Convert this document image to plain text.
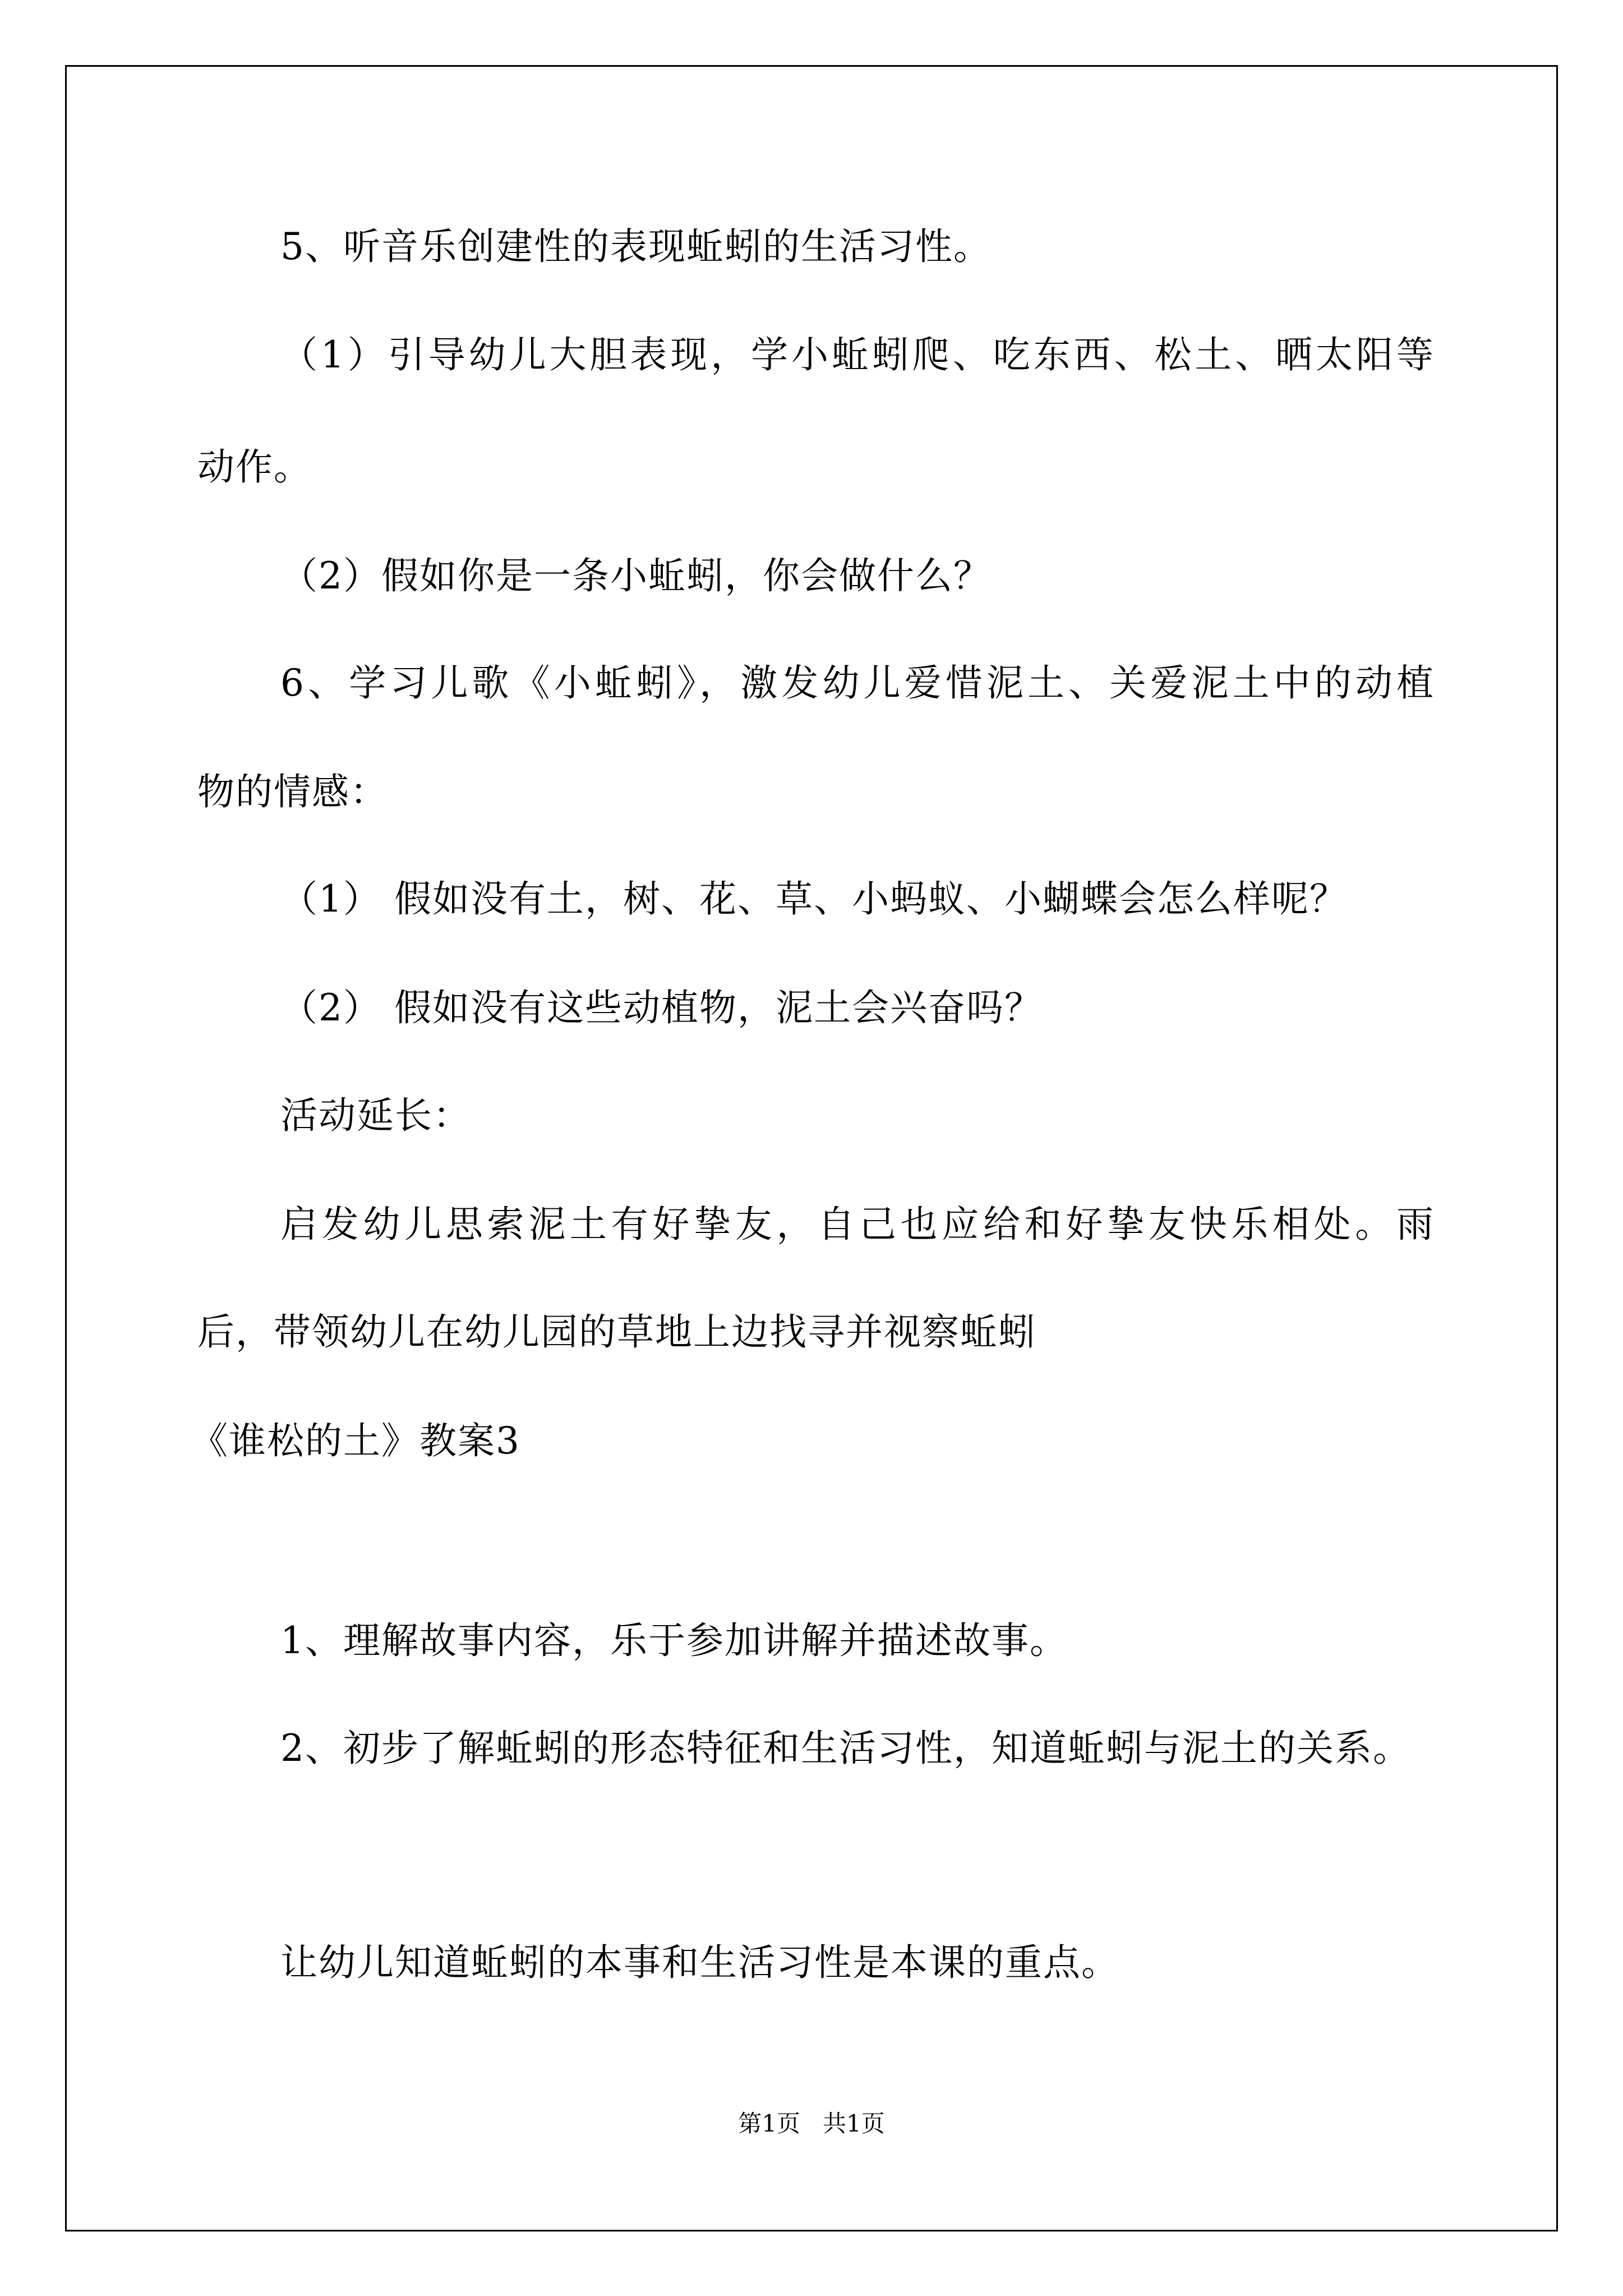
5、听音乐创建性的表现蚯蚓的生活习性。
（1）引导幼儿大胆表现，学小蚯蚓爬、吃东西、松土、晒太阳等
动作。
（2）假如你是一条小蚯蚓，你会做什么？
6、学习儿歌《小蚯蚓》，激发幼儿爱惜泥土、关爱泥土中的动植
物的情感：
（1） 假如没有土，树、花、草、小蚂蚁、小蝴蝶会怎么样呢？
（2） 假如没有这些动植物，泥土会兴奋吗？
活动延长：
启发幼儿思索泥土有好挚友，自己也应给和好挚友快乐相处。雨
后，带领幼儿在幼儿园的草地上边找寻并视察蚯蚓
《谁松的土》教案3
1、理解故事内容，乐于参加讲解并描述故事。
2、初步了解蚯蚓的形态特征和生活习性，知道蚯蚓与泥土的关系。
让幼儿知道蚯蚓的本事和生活习性是本课的重点。
第1页   共1页
